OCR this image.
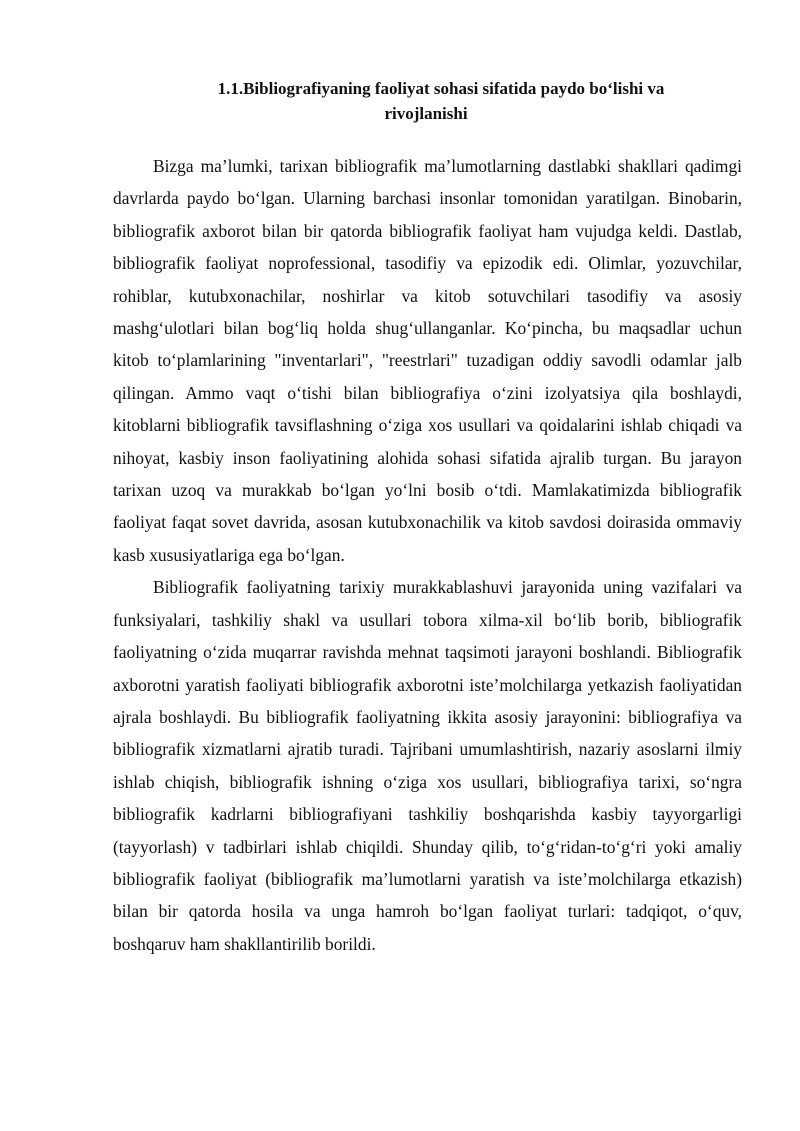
1.1.Bibliografiyaning faoliyat sohasi sifatida paydo bo‘lishi va
rivojlanishi

Bizga ma’lumki, tarixan bibliografik ma’lumotlarning dastlabki shakllari qadimgi davrlarda paydo bo‘lgan. Ularning barchasi insonlar tomonidan yaratilgan. Binobarin, bibliografik axborot bilan bir qatorda bibliografik faoliyat ham vujudga keldi. Dastlab, bibliografik faoliyat noprofessional, tasodifiy va epizodik edi. Olimlar, yozuvchilar, rohiblar, kutubxonachilar, noshirlar va kitob sotuvchilari tasodifiy va asosiy mashg‘ulotlari bilan bog‘liq holda shug‘ullanganlar. Ko‘pincha, bu maqsadlar uchun kitob to‘plamlarining "inventarlari", "reestrlari" tuzadigan oddiy savodli odamlar jalb qilingan. Ammo vaqt o‘tishi bilan bibliografiya o‘zini izolyatsiya qila boshlaydi, kitoblarni bibliografik tavsiflashning o‘ziga xos usullari va qoidalarini ishlab chiqadi va nihoyat, kasbiy inson faoliyatining alohida sohasi sifatida ajralib turgan. Bu jarayon tarixan uzoq va murakkab bo‘lgan yo‘lni bosib o‘tdi. Mamlakatimizda bibliografik faoliyat faqat sovet davrida, asosan kutubxonachilik va kitob savdosi doirasida ommaviy kasb xususiyatlariga ega bo‘lgan.

Bibliografik faoliyatning tarixiy murakkablashuvi jarayonida uning vazifalari va funksiyalari, tashkiliy shakl va usullari tobora xilma-xil bo‘lib borib, bibliografik faoliyatning o‘zida muqarrar ravishda mehnat taqsimoti jarayoni boshlandi. Bibliografik axborotni yaratish faoliyati bibliografik axborotni iste’molchilarga yetkazish faoliyatidan ajrala boshlaydi. Bu bibliografik faoliyatning ikkita asosiy jarayonini: bibliografiya va bibliografik xizmatlarni ajratib turadi. Tajribani umumlashtirish, nazariy asoslarni ilmiy ishlab chiqish, bibliografik ishning o‘ziga xos usullari, bibliografiya tarixi, so‘ngra bibliografik kadrlarni bibliografiyani tashkiliy boshqarishda kasbiy tayyorgarligi (tayyorlash) v tadbirlari ishlab chiqildi. Shunday qilib, to‘g‘ridan-to‘g‘ri yoki amaliy bibliografik faoliyat (bibliografik ma’lumotlarni yaratish va iste’molchilarga etkazish) bilan bir qatorda hosila va unga hamroh bo‘lgan faoliyat turlari: tadqiqot, o‘quv, boshqaruv ham shakllantirilib borildi.
